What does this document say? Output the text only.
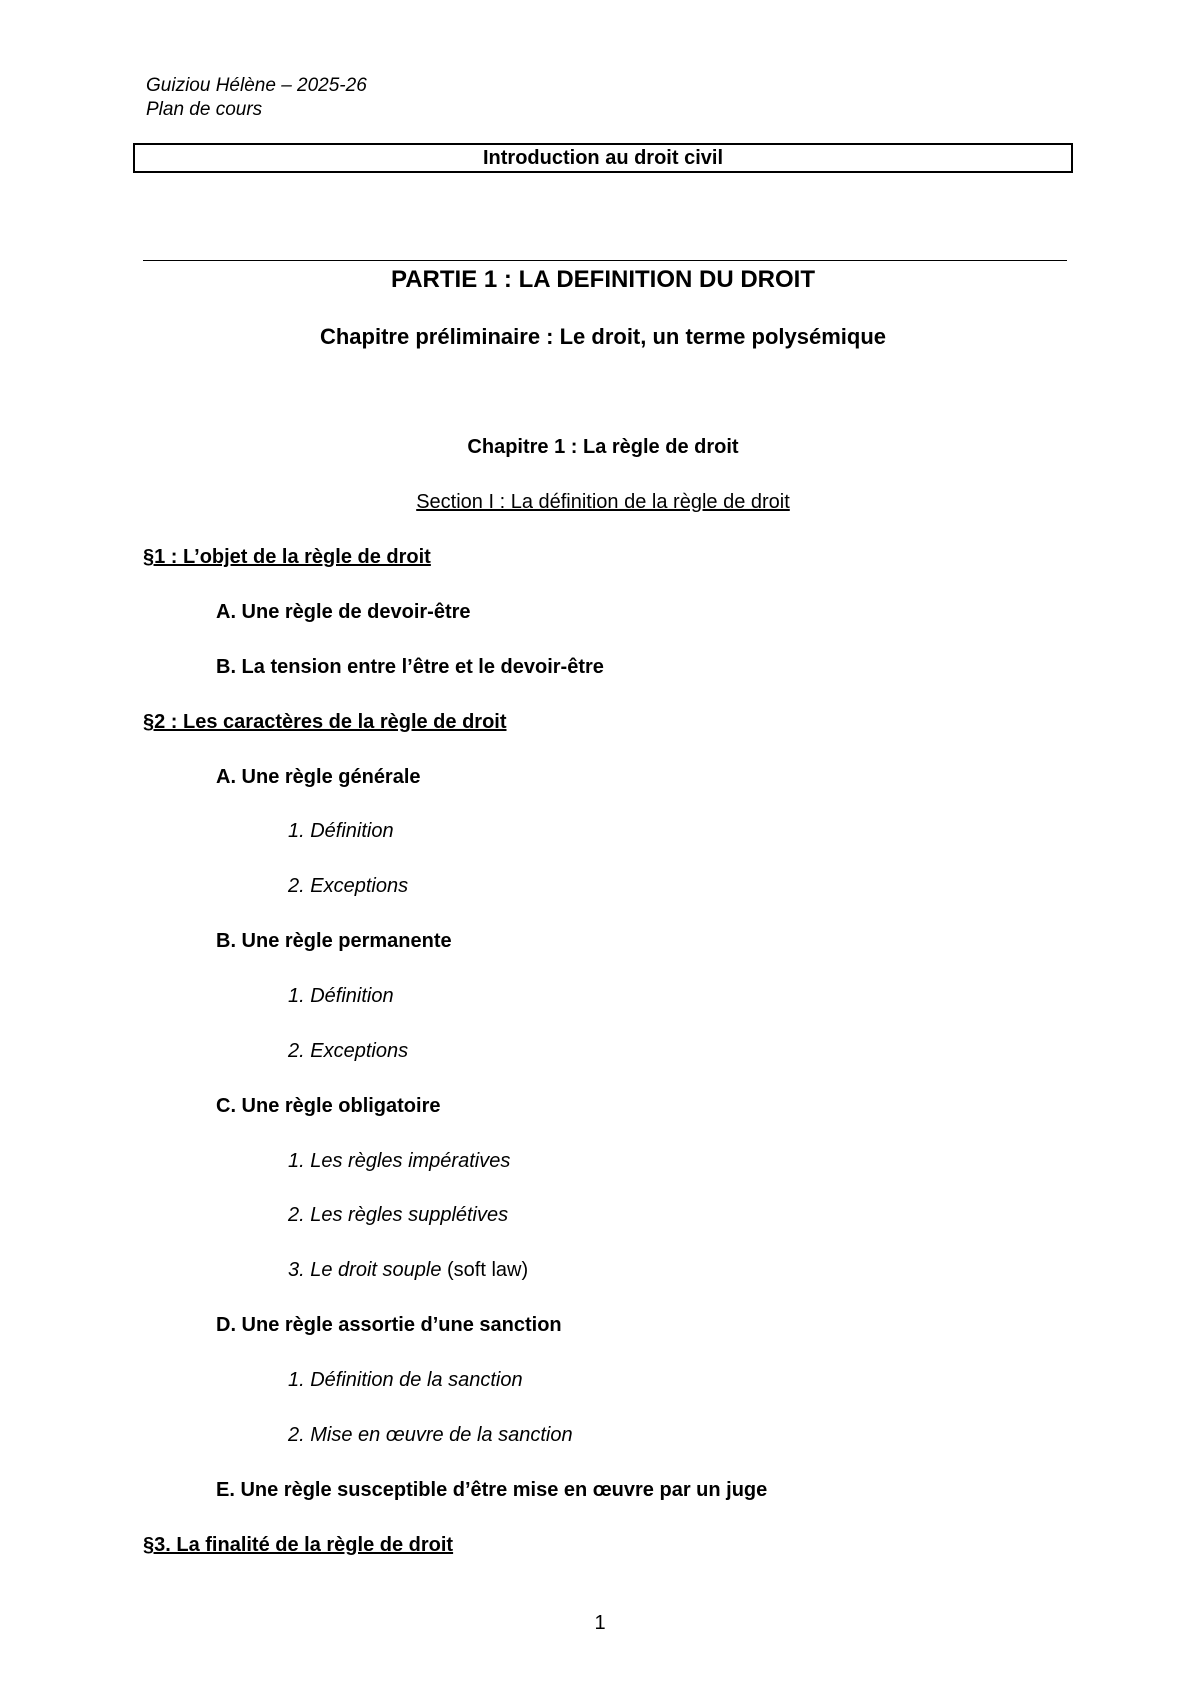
Guiziou Hélène – 2025-26
Plan de cours
Introduction au droit civil
PARTIE 1 : LA DEFINITION DU DROIT
Chapitre préliminaire : Le droit, un terme polysémique
Chapitre 1 : La règle de droit
Section I : La définition de la règle de droit
§1 : L’objet de la règle de droit
A. Une règle de devoir-être
B. La tension entre l’être et le devoir-être
§2 : Les caractères de la règle de droit
A. Une règle générale
1. Définition
2. Exceptions
B. Une règle permanente
1. Définition
2. Exceptions
C. Une règle obligatoire
1. Les règles impératives
2. Les règles supplétives
3. Le droit souple (soft law)
D. Une règle assortie d’une sanction
1. Définition de la sanction
2. Mise en œuvre de la sanction
E. Une règle susceptible d’être mise en œuvre par un juge
§3. La finalité de la règle de droit
1
